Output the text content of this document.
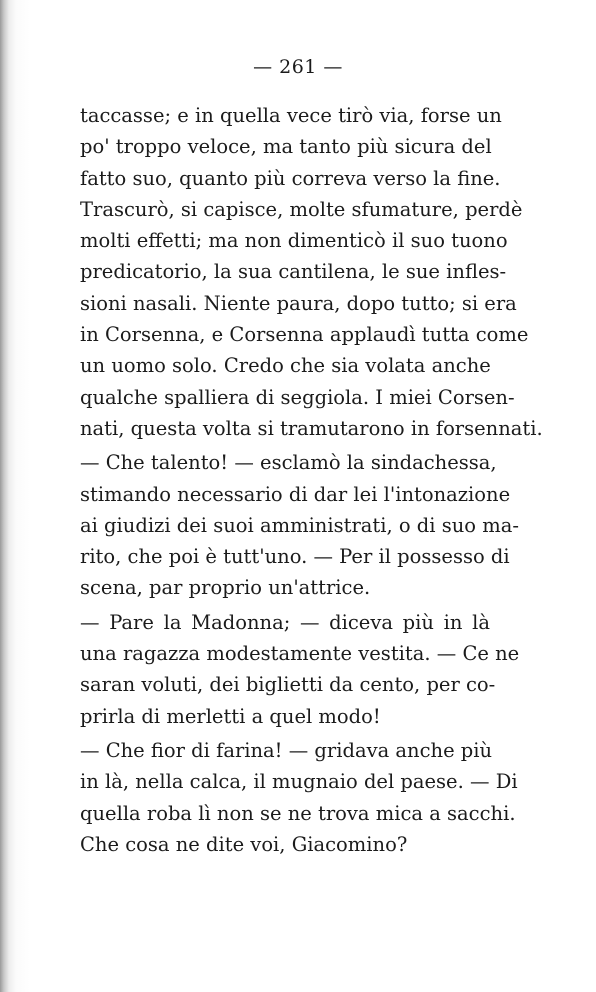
— 261 —
taccasse; e in quella vece tirò via, forse un
po' troppo veloce, ma tanto più sicura del
fatto suo, quanto più correva verso la fine.
Trascurò, si capisce, molte sfumature, perdè
molti effetti; ma non dimenticò il suo tuono
predicatorio, la sua cantilena, le sue infles-
sioni nasali. Niente paura, dopo tutto; si era
in Corsenna, e Corsenna applaudì tutta come
un uomo solo. Credo che sia volata anche
qualche spalliera di seggiola. I miei Corsen-
nati, questa volta si tramutarono in forsennati.
— Che talento! — esclamò la sindachessa,
stimando necessario di dar lei l'intonazione
ai giudizi dei suoi amministrati, o di suo ma-
rito, che poi è tutt'uno. — Per il possesso di
scena, par proprio un'attrice.
— Pare la Madonna; — diceva più in là
una ragazza modestamente vestita. — Ce ne
saran voluti, dei biglietti da cento, per co-
prirla di merletti a quel modo!
— Che fior di farina! — gridava anche più
in là, nella calca, il mugnaio del paese. — Di
quella roba lì non se ne trova mica a sacchi.
Che cosa ne dite voi, Giacomino?
